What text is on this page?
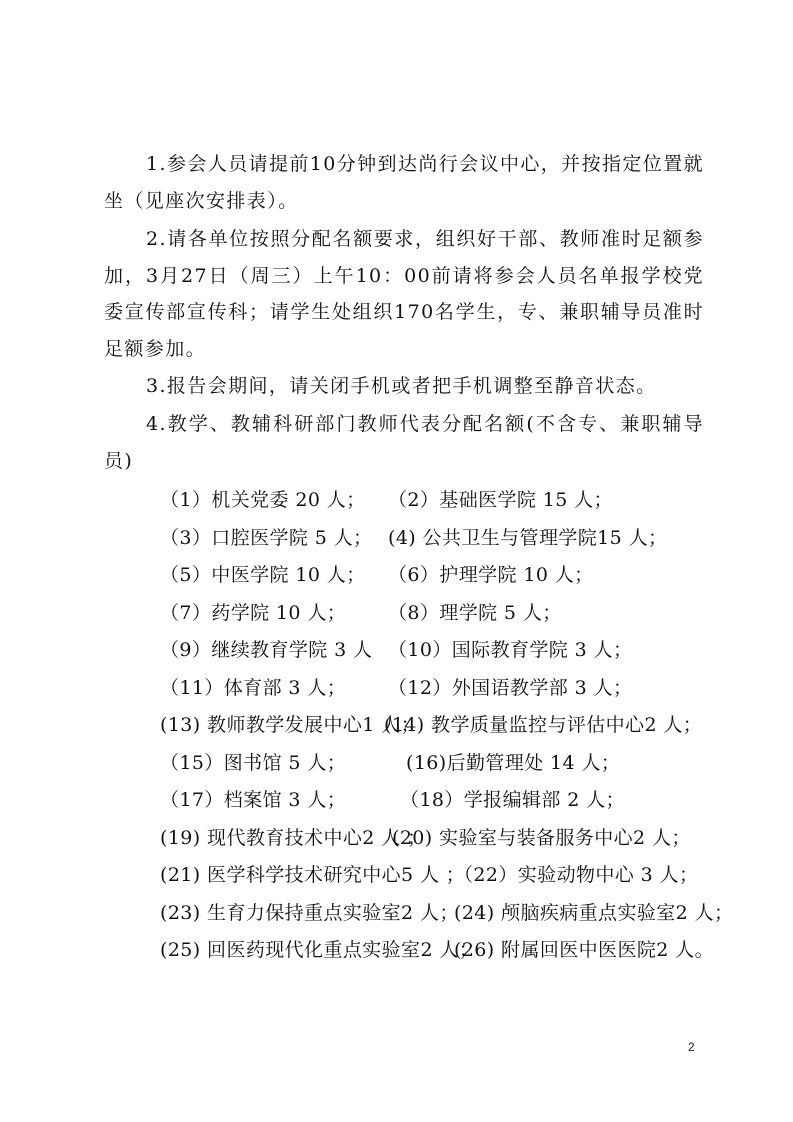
1.参会人员请提前10分钟到达尚行会议中心，并按指定位置就坐（见座次安排表）。

2.请各单位按照分配名额要求，组织好干部、教师准时足额参加，3月27日（周三）上午10：00前请将参会人员名单报学校党委宣传部宣传科；请学生处组织170名学生，专、兼职辅导员准时足额参加。

3.报告会期间，请关闭手机或者把手机调整至静音状态。

4.教学、教辅科研部门教师代表分配名额(不含专、兼职辅导员)

（1）机关党委 20 人； （2）基础医学院 15 人；
（3）口腔医学院 5 人； (4) 公共卫生与管理学院15 人；
（5）中医学院 10 人； （6）护理学院 10 人；
（7）药学院 10 人； （8）理学院 5 人；
（9）继续教育学院 3 人 （10）国际教育学院 3 人；
（11）体育部 3 人； （12）外国语教学部 3 人；
(13) 教师教学发展中心1 人；
(14) 教学质量监控与评估中心2 人；
（15）图书馆 5 人；	(16)后勤管理处 14 人；
（17）档案馆 3 人；	（18）学报编辑部 2 人；
(19) 现代教育技术中心2 人 ；
(20) 实验室与装备服务中心2 人；
(21) 医学科学技术研究中心5 人 ；
（22）实验动物中心 3 人；
(23) 生育力保持重点实验室2 人；
(24) 颅脑疾病重点实验室2 人；
(25) 回医药现代化重点实验室2 人；
(26) 附属回医中医医院2 人。
2
